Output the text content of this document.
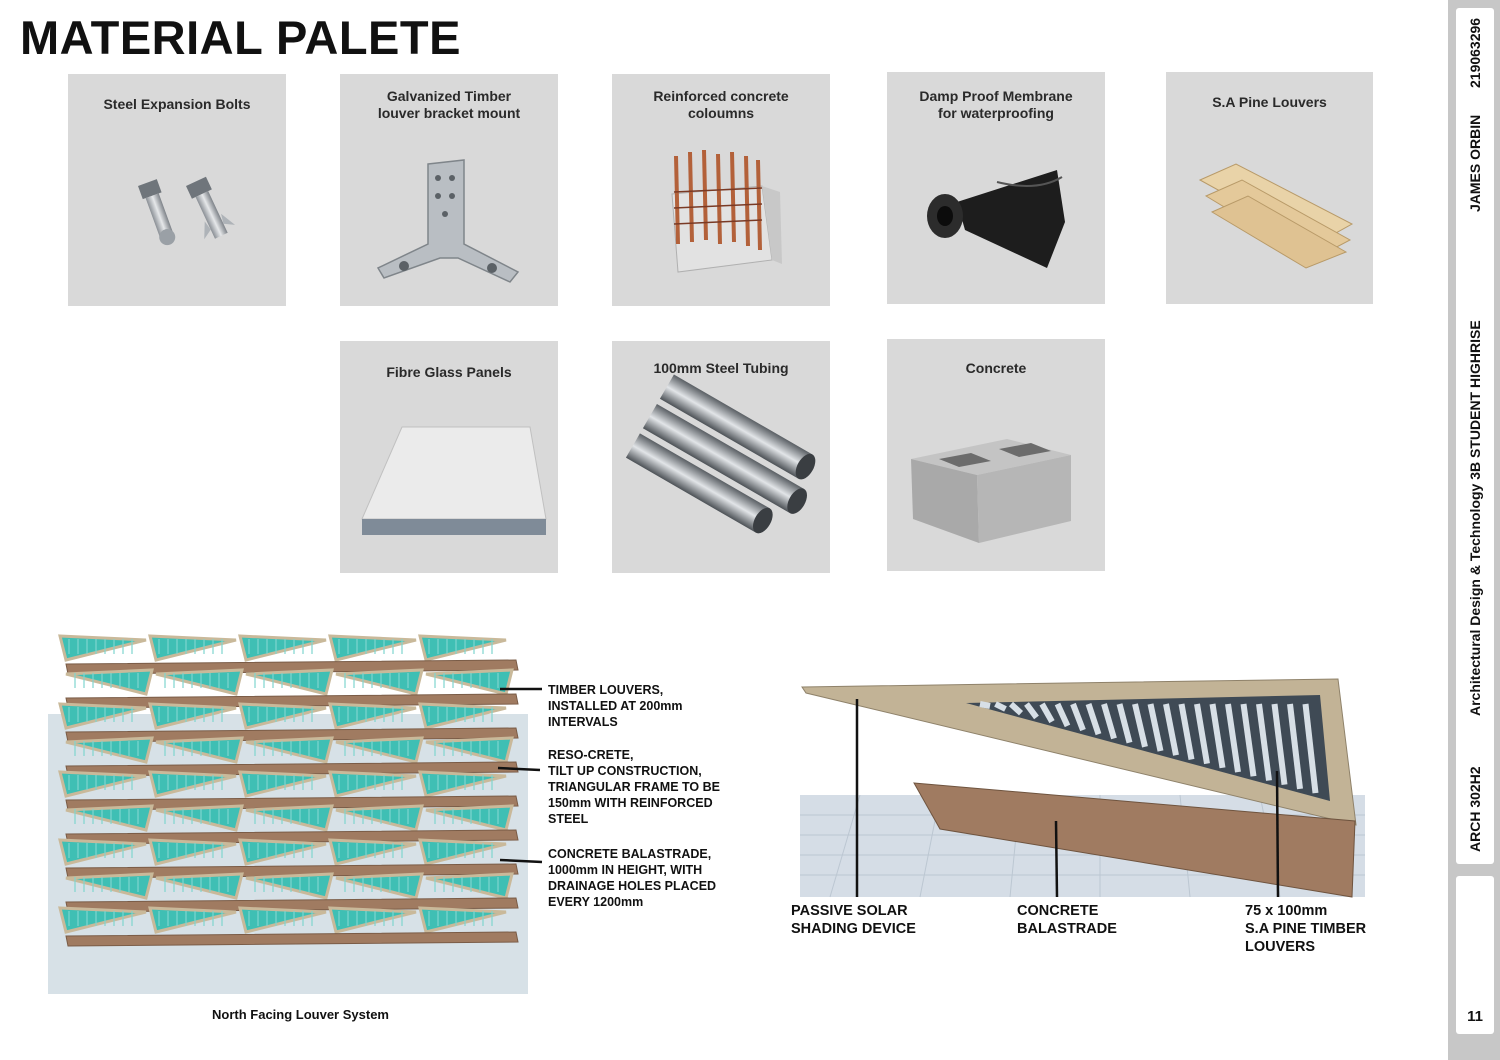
MATERIAL PALETE
Steel Expansion Bolts	Galvanized Timber
louver bracket mount
Reinforced concrete
coloumns
Damp Proof Membrane
for waterproofing
S.A Pine Louvers
Fibre Glass Panels	100mm Steel Tubing	Concrete
North Facing Louver System
TIMBER LOUVERS,
INSTALLED AT 200mm
INTERVALS
RESO-CRETE,
TILT UP CONSTRUCTION,
TRIANGULAR FRAME TO BE
150mm WITH REINFORCED
STEEL
CONCRETE BALASTRADE,
1000mm IN HEIGHT, WITH
DRAINAGE HOLES PLACED
EVERY 1200mm
PASSIVE SOLAR
SHADING DEVICE
CONCRETE
BALASTRADE
75 x 100mm
S.A PINE TIMBER
LOUVERS
219063296
JAMES ORBIN
STUDENT HIGHRISE
Architectural Design & Technology 3B
ARCH 302H2
11
